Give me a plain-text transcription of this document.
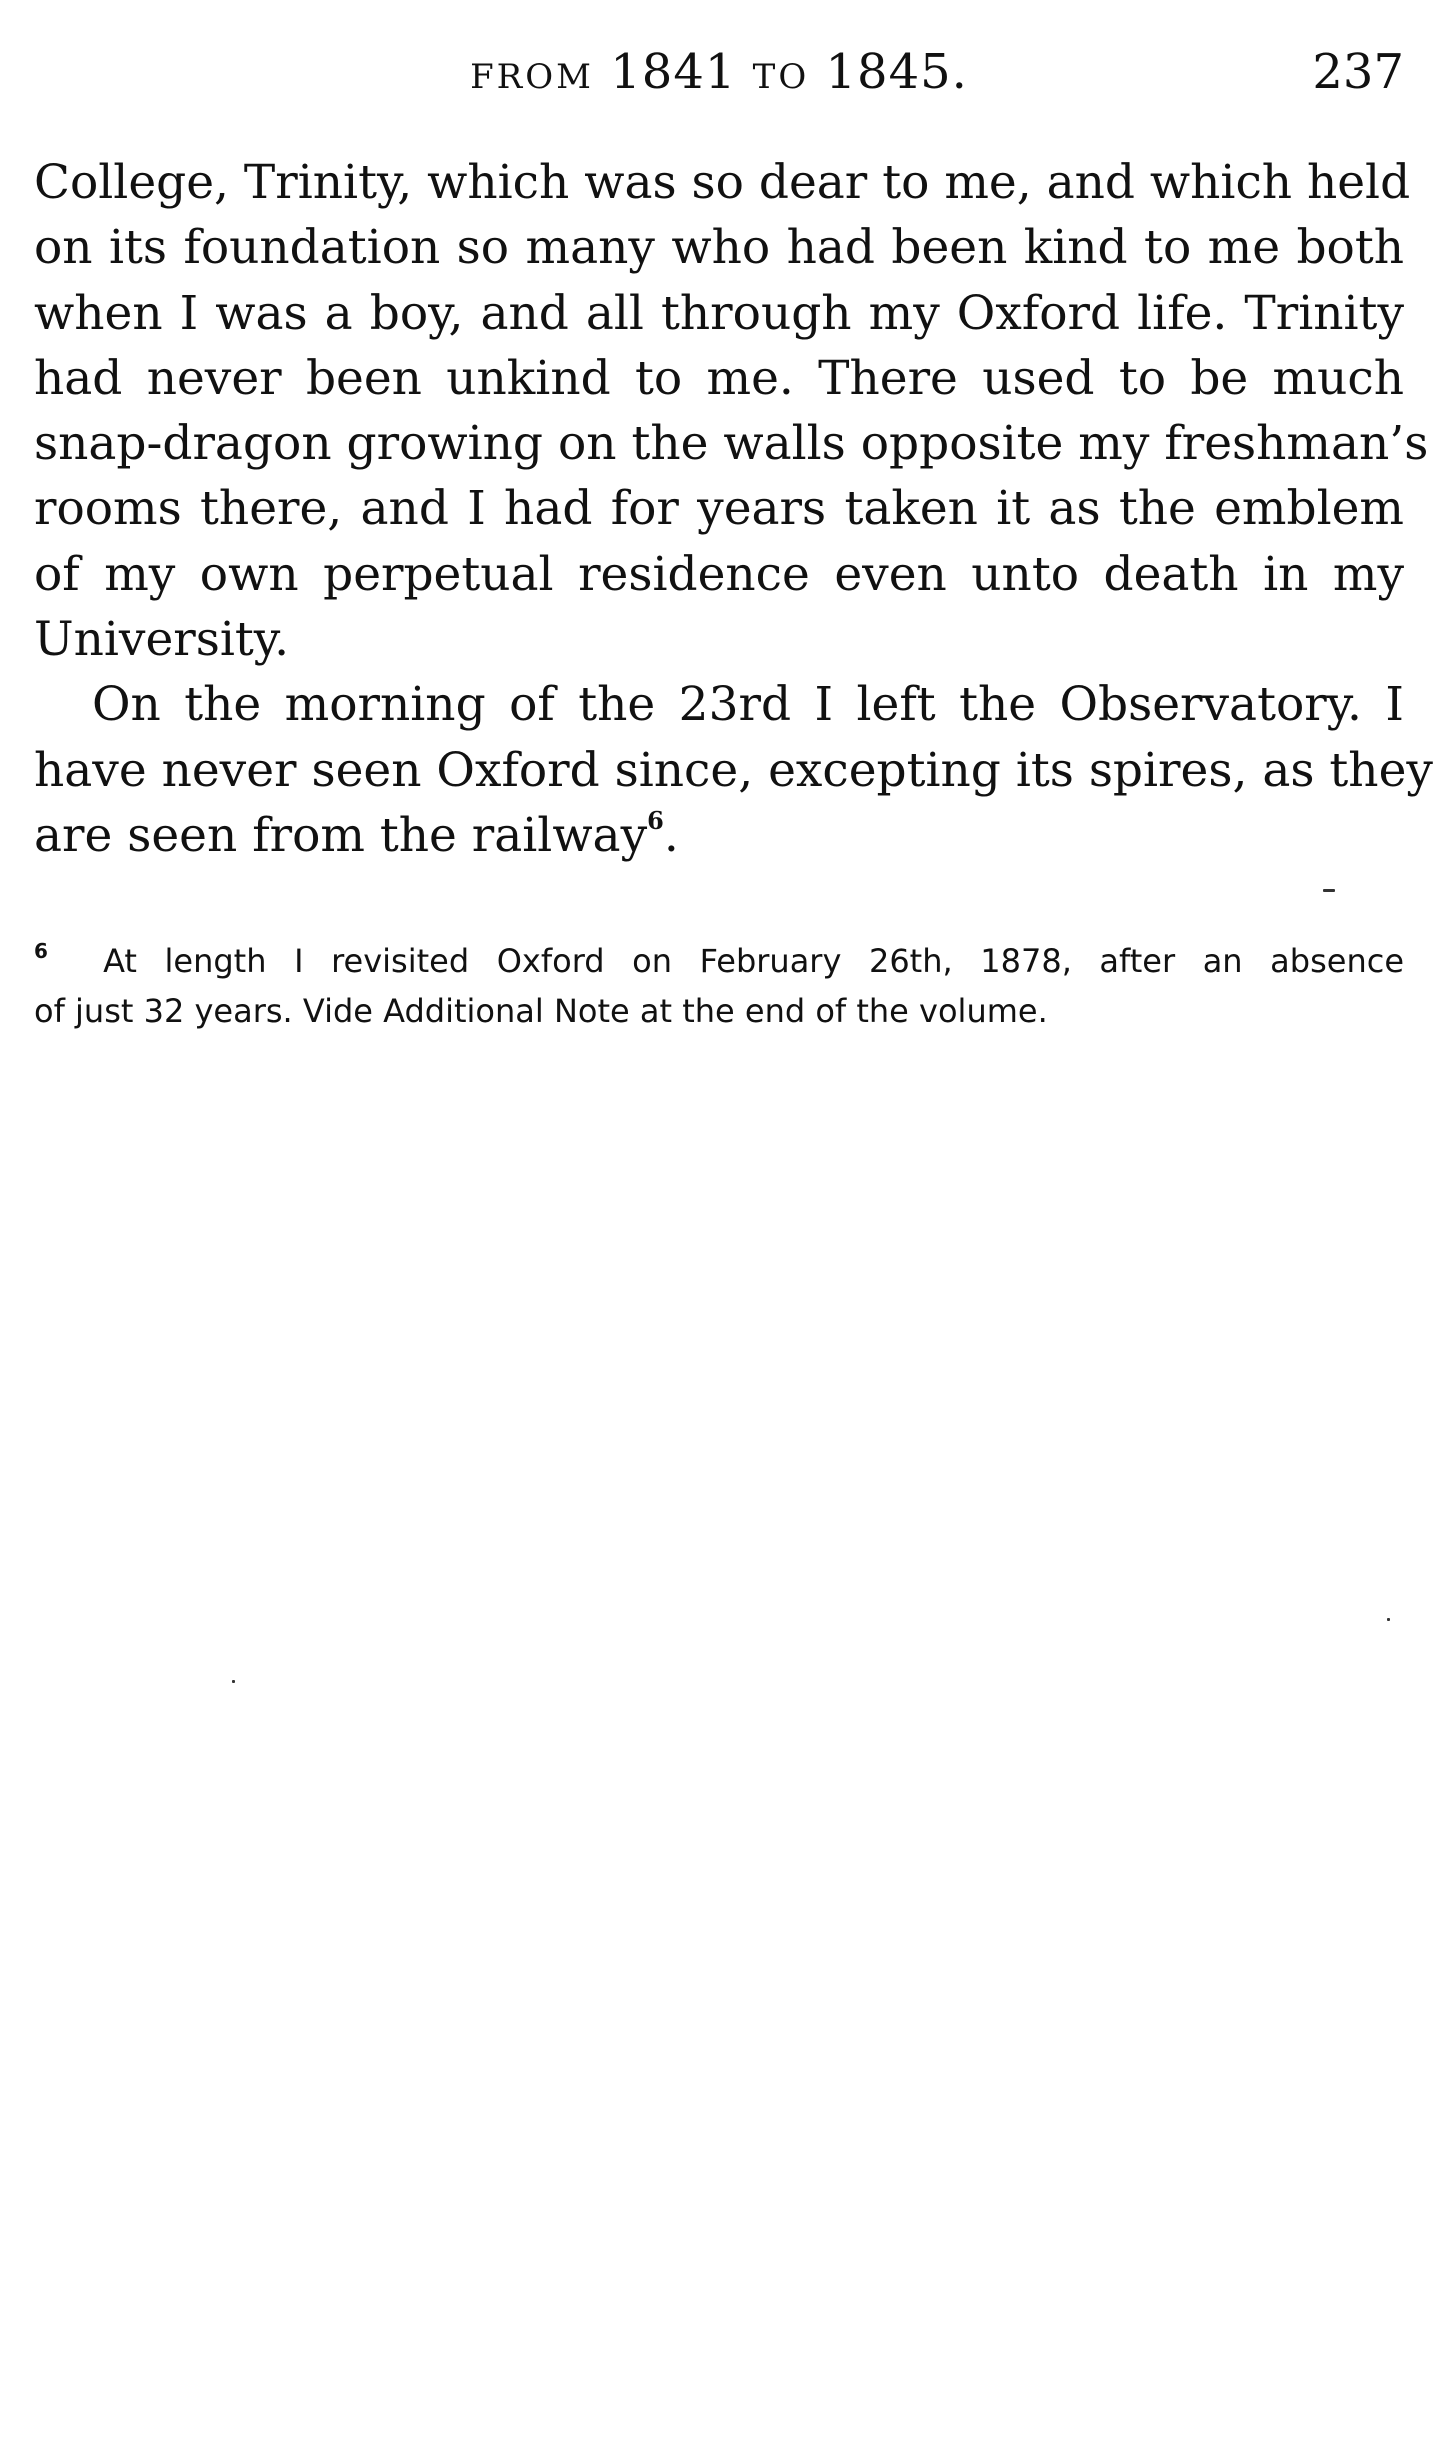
FROM 1841 TO 1845.	237
College, Trinity, which was so dear to me, and which held
on its foundation so many who had been kind to me both
when I was a boy, and all through my Oxford life. Trinity
had never been unkind to me. There used to be much
snap-dragon growing on the walls opposite my freshman’s
rooms there, and I had for years taken it as the emblem
of my own perpetual residence even unto death in my
University.
On the morning of the 23rd I left the Observatory. I
have never seen Oxford since, excepting its spires, as they
are seen from the railway$^6$.
$^6$ At length I revisited Oxford on February 26th, 1878, after an absence
of just 32 years. Vide Additional Note at the end of the volume.
